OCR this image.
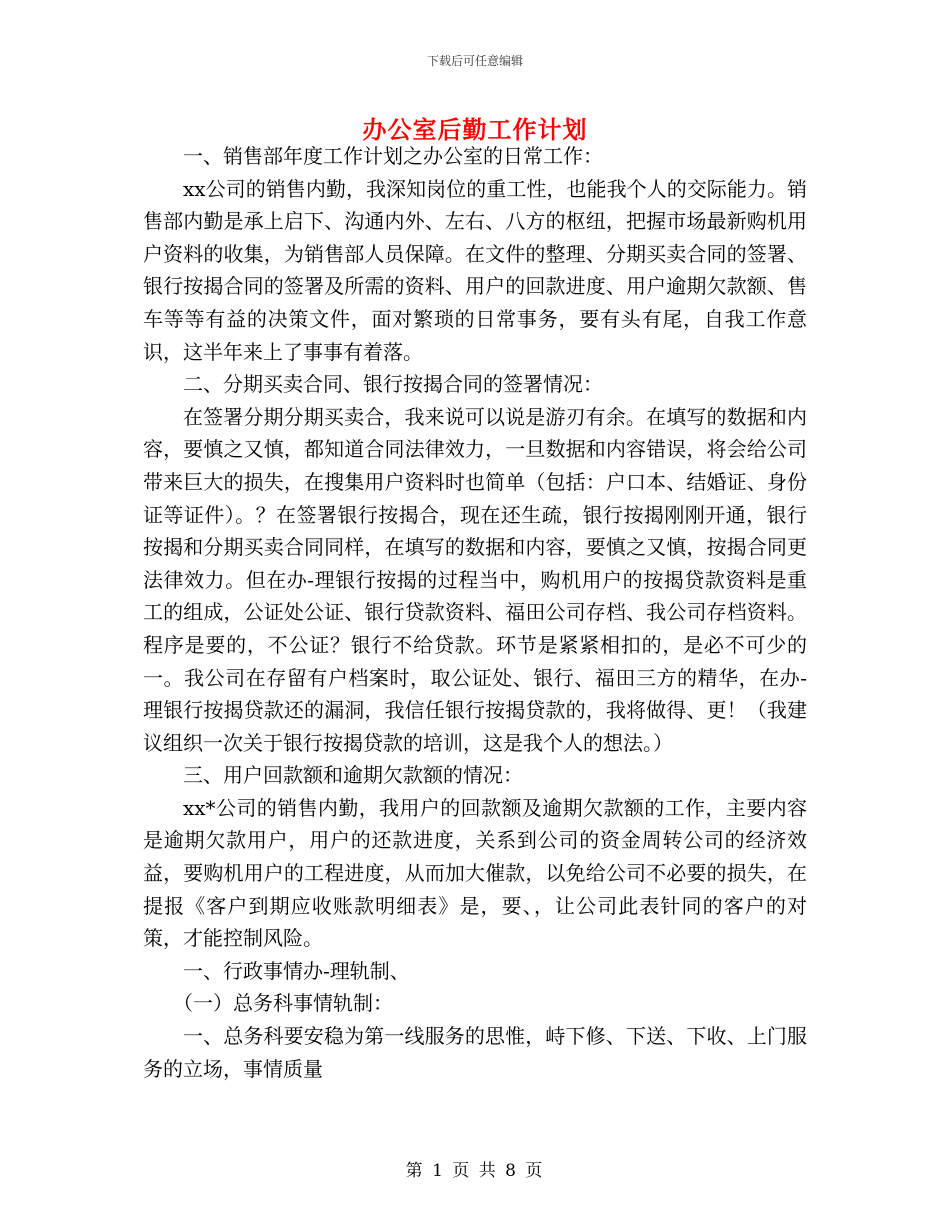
下载后可任意编辑
办公室后勤工作计划

一、销售部年度工作计划之办公室的日常工作：

xx公司的销售内勤，我深知岗位的重工性，也能我个人的交际能力。销售部内勤是承上启下、沟通内外、左右、八方的枢纽，把握市场最新购机用户资料的收集，为销售部人员保障。在文件的整理、分期买卖合同的签署、银行按揭合同的签署及所需的资料、用户的回款进度、用户逾期欠款额、售车等等有益的决策文件，面对繁琐的日常事务，要有头有尾，自我工作意识，这半年来上了事事有着落。

二、分期买卖合同、银行按揭合同的签署情况：

在签署分期分期买卖合，我来说可以说是游刃有余。在填写的数据和内容，要慎之又慎，都知道合同法律效力，一旦数据和内容错误，将会给公司带来巨大的损失，在搜集用户资料时也简单（包括：户口本、结婚证、身份证等证件）。？在签署银行按揭合，现在还生疏，银行按揭刚刚开通，银行按揭和分期买卖合同同样，在填写的数据和内容，要慎之又慎，按揭合同更法律效力。但在办-理银行按揭的过程当中，购机用户的按揭贷款资料是重工的组成，公证处公证、银行贷款资料、福田公司存档、我公司存档资料。程序是要的，不公证？银行不给贷款。环节是紧紧相扣的，是必不可少的一。我公司在存留有户档案时，取公证处、银行、福田三方的精华，在办-理银行按揭贷款还的漏洞，我信任银行按揭贷款的，我将做得、更！（我建议组织一次关于银行按揭贷款的培训，这是我个人的想法。）

三、用户回款额和逾期欠款额的情况：

xx*公司的销售内勤，我用户的回款额及逾期欠款额的工作，主要内容是逾期欠款用户，用户的还款进度，关系到公司的资金周转公司的经济效益，要购机用户的工程进度，从而加大催款，以免给公司不必要的损失，在提报《客户到期应收账款明细表》是，要、，让公司此表针同的客户的对策，才能控制风险。

一、行政事情办-理轨制、

（一）总务科事情轨制：

一、总务科要安稳为第一线服务的思惟，峙下修、下送、下收、上门服务的立场，事情质量

第 1 页 共 8 页
